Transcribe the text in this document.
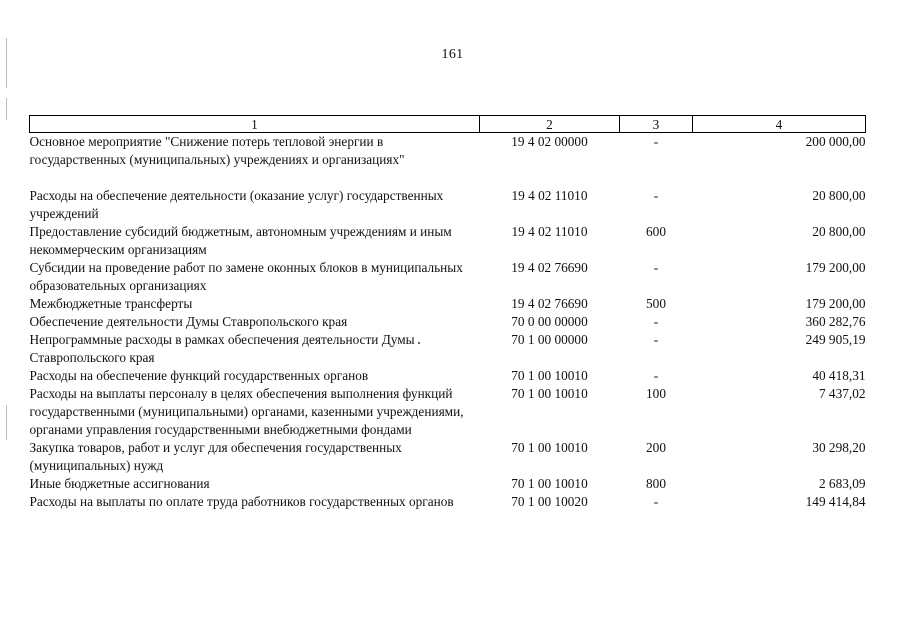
161
1	2	3	4
Основное мероприятие "Снижение потерь тепловой энергии в государственных (муниципальных) учреждениях и организациях"	19 4 02 00000	-	200 000,00
Расходы на обеспечение деятельности (оказание услуг) государственных учреждений	19 4 02 11010	-	20 800,00
Предоставление субсидий бюджетным, автономным учреждениям и иным некоммерческим организациям	19 4 02 11010	600	20 800,00
Субсидии на проведение работ по замене оконных блоков в муниципальных образовательных организациях	19 4 02 76690	-	179 200,00
Межбюджетные трансферты	19 4 02 76690	500	179 200,00
Обеспечение деятельности Думы Ставропольского края	70 0 00 00000	-	360 282,76
Непрограммные расходы в рамках обеспечения деятельности Думы Ставропольского края	70 1 00 00000	-	249 905,19
Расходы на обеспечение функций государственных органов	70 1 00 10010	-	40 418,31
Расходы на выплаты персоналу в целях обеспечения выполнения функций государственными (муниципальными) органами, казенными учреждениями, органами управления государственными внебюджетными фондами	70 1 00 10010	100	7 437,02
Закупка товаров, работ и услуг для обеспечения государственных (муниципальных) нужд	70 1 00 10010	200	30 298,20
Иные бюджетные ассигнования	70 1 00 10010	800	2 683,09
Расходы на выплаты по оплате труда работников государственных органов	70 1 00 10020	-	149 414,84
